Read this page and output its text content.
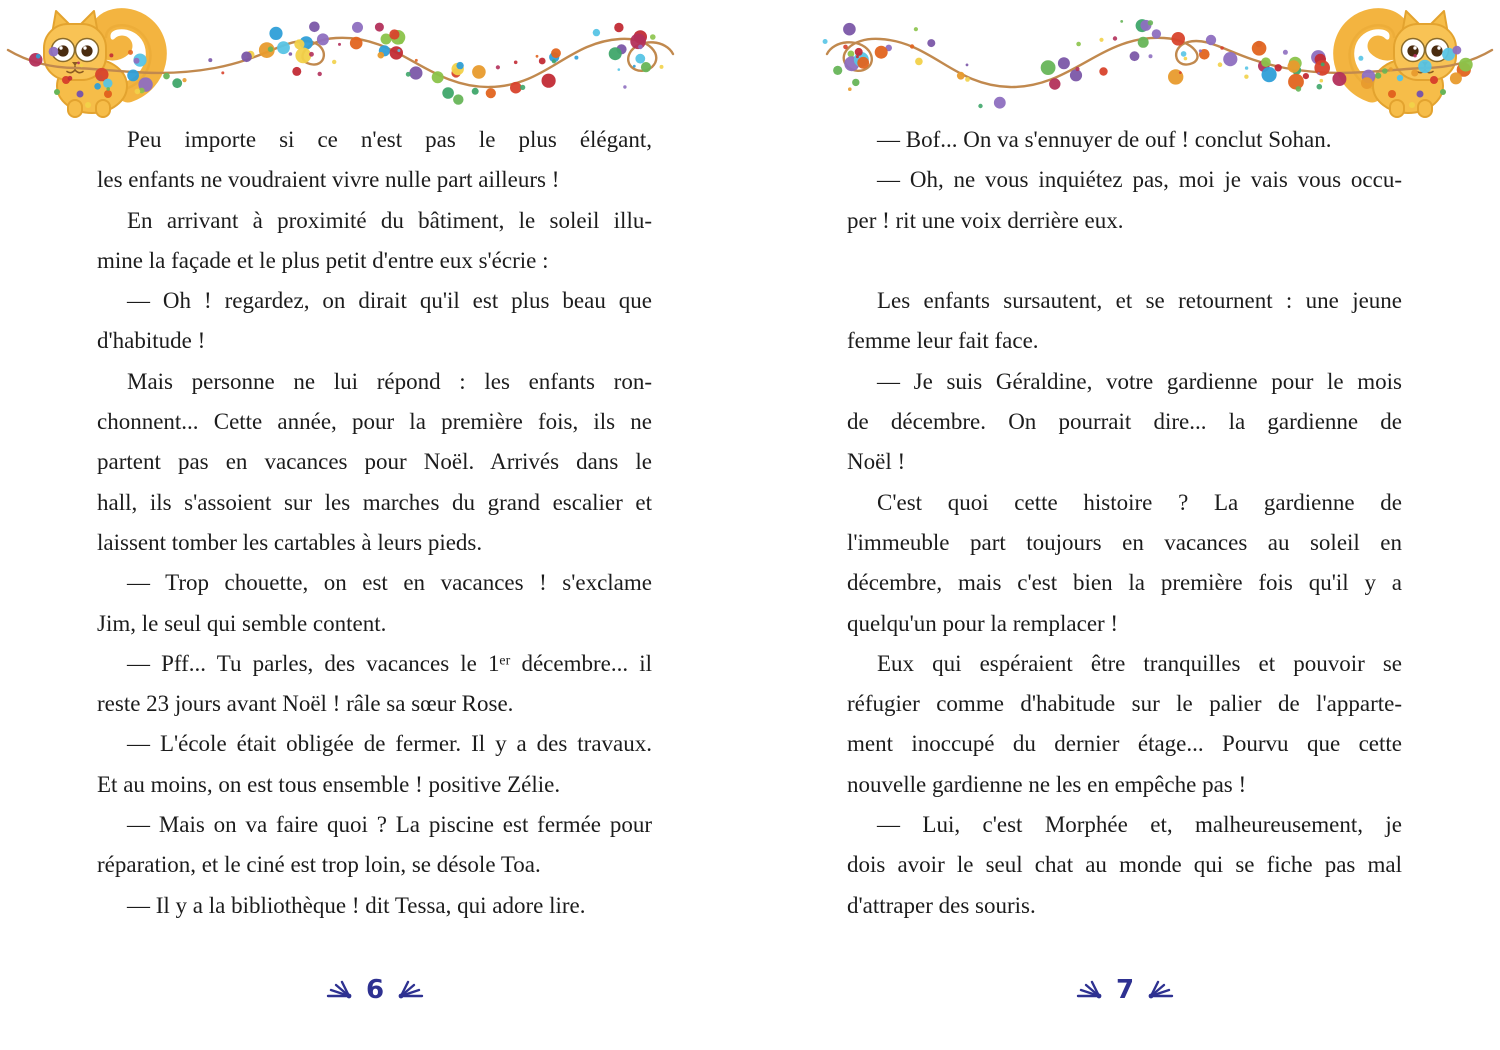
Peu importe si ce n'est pas le plus élégant,
les enfants ne voudraient vivre nulle part ailleurs !
En arrivant à proximité du bâtiment, le soleil illu-
mine la façade et le plus petit d'entre eux s'écrie :
— Oh ! regardez, on dirait qu'il est plus beau que
d'habitude !
Mais personne ne lui répond : les enfants ron-
chonnent... Cette année, pour la première fois, ils ne
partent pas en vacances pour Noël. Arrivés dans le
hall, ils s'assoient sur les marches du grand escalier et
laissent tomber les cartables à leurs pieds.
— Trop chouette, on est en vacances ! s'exclame
Jim, le seul qui semble content.
— Pff... Tu parles, des vacances le 1ᵉʳ décembre... il
reste 23 jours avant Noël ! râle sa sœur Rose.
— L'école était obligée de fermer. Il y a des travaux.
Et au moins, on est tous ensemble ! positive Zélie.
— Mais on va faire quoi ? La piscine est fermée pour
réparation, et le ciné est trop loin, se désole Toa.
— Il y a la bibliothèque ! dit Tessa, qui adore lire.
6
— Bof... On va s'ennuyer de ouf ! conclut Sohan.
— Oh, ne vous inquiétez pas, moi je vais vous occu-
per ! rit une voix derrière eux.
Les enfants sursautent, et se retournent : une jeune
femme leur fait face.
— Je suis Géraldine, votre gardienne pour le mois
de décembre. On pourrait dire... la gardienne de
Noël !
C'est quoi cette histoire ? La gardienne de
l'immeuble part toujours en vacances au soleil en
décembre, mais c'est bien la première fois qu'il y a
quelqu'un pour la remplacer !
Eux qui espéraient être tranquilles et pouvoir se
réfugier comme d'habitude sur le palier de l'apparte-
ment inoccupé du dernier étage... Pourvu que cette
nouvelle gardienne ne les en empêche pas !
— Lui, c'est Morphée et, malheureusement, je
dois avoir le seul chat au monde qui se fiche pas mal
d'attraper des souris.
7
